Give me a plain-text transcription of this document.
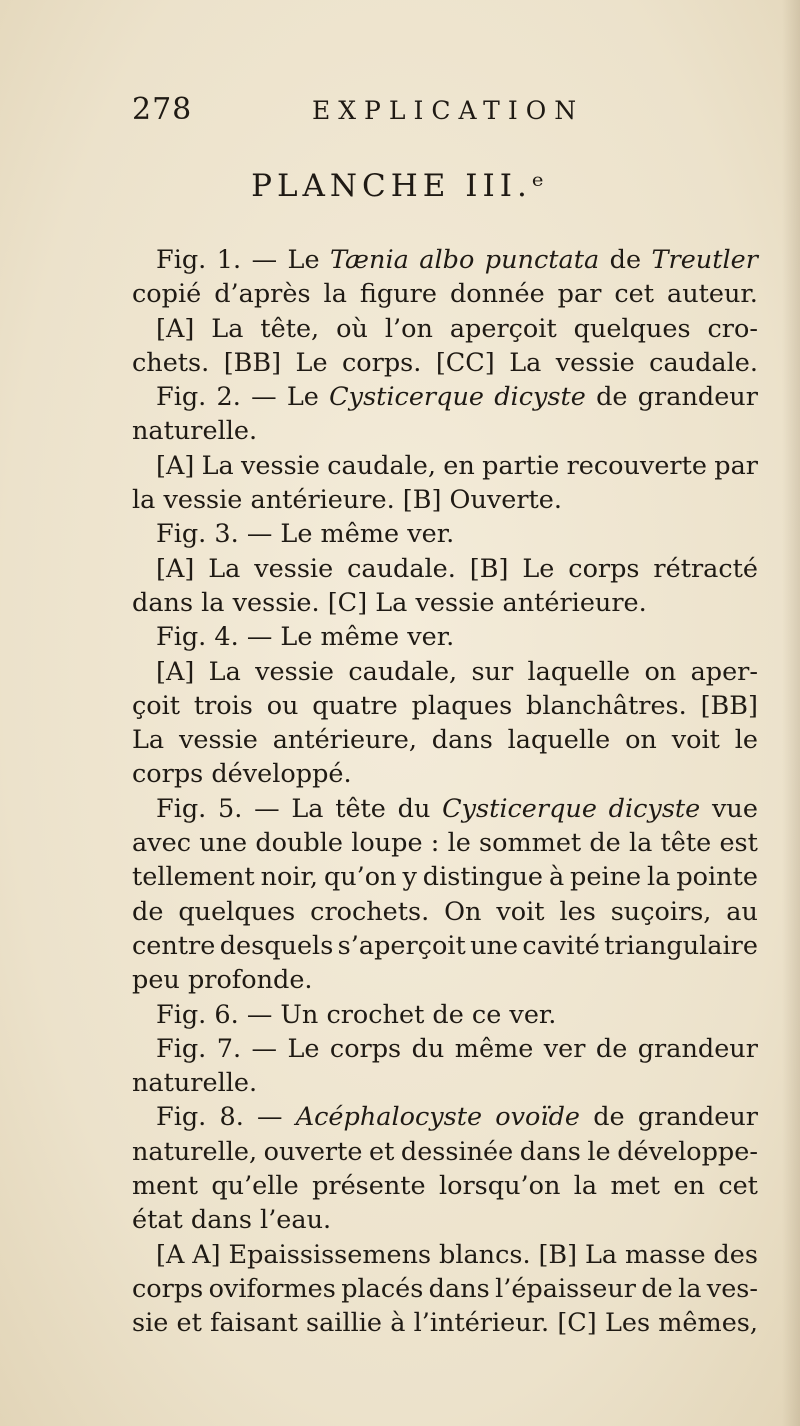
278	EXPLICATION
PLANCHE III.ᵉ
Fig. 1. — Le Tænia albo punctata de Treutler
copié d’après la figure donnée par cet auteur.
[A] La tête, où l’on aperçoit quelques cro-
chets. [BB] Le corps. [CC] La vessie caudale.
Fig. 2. — Le Cysticerque dicyste de grandeur
naturelle.
[A] La vessie caudale, en partie recouverte par
la vessie antérieure. [B] Ouverte.
Fig. 3. — Le même ver.
[A] La vessie caudale. [B] Le corps rétracté
dans la vessie. [C] La vessie antérieure.
Fig. 4. — Le même ver.
[A] La vessie caudale, sur laquelle on aper-
çoit trois ou quatre plaques blanchâtres. [BB]
La vessie antérieure, dans laquelle on voit le
corps développé.
Fig. 5. — La tête du Cysticerque dicyste vue
avec une double loupe : le sommet de la tête est
tellement noir, qu’on y distingue à peine la pointe
de quelques crochets. On voit les suçoirs, au
centre desquels s’aperçoit une cavité triangulaire
peu profonde.
Fig. 6. — Un crochet de ce ver.
Fig. 7. — Le corps du même ver de grandeur
naturelle.
Fig. 8. — Acéphalocyste ovoïde de grandeur
naturelle, ouverte et dessinée dans le développe-
ment qu’elle présente lorsqu’on la met en cet
état dans l’eau.
[A A] Epaississemens blancs. [B] La masse des
corps oviformes placés dans l’épaisseur de la ves-
sie et faisant saillie à l’intérieur. [C] Les mêmes,
